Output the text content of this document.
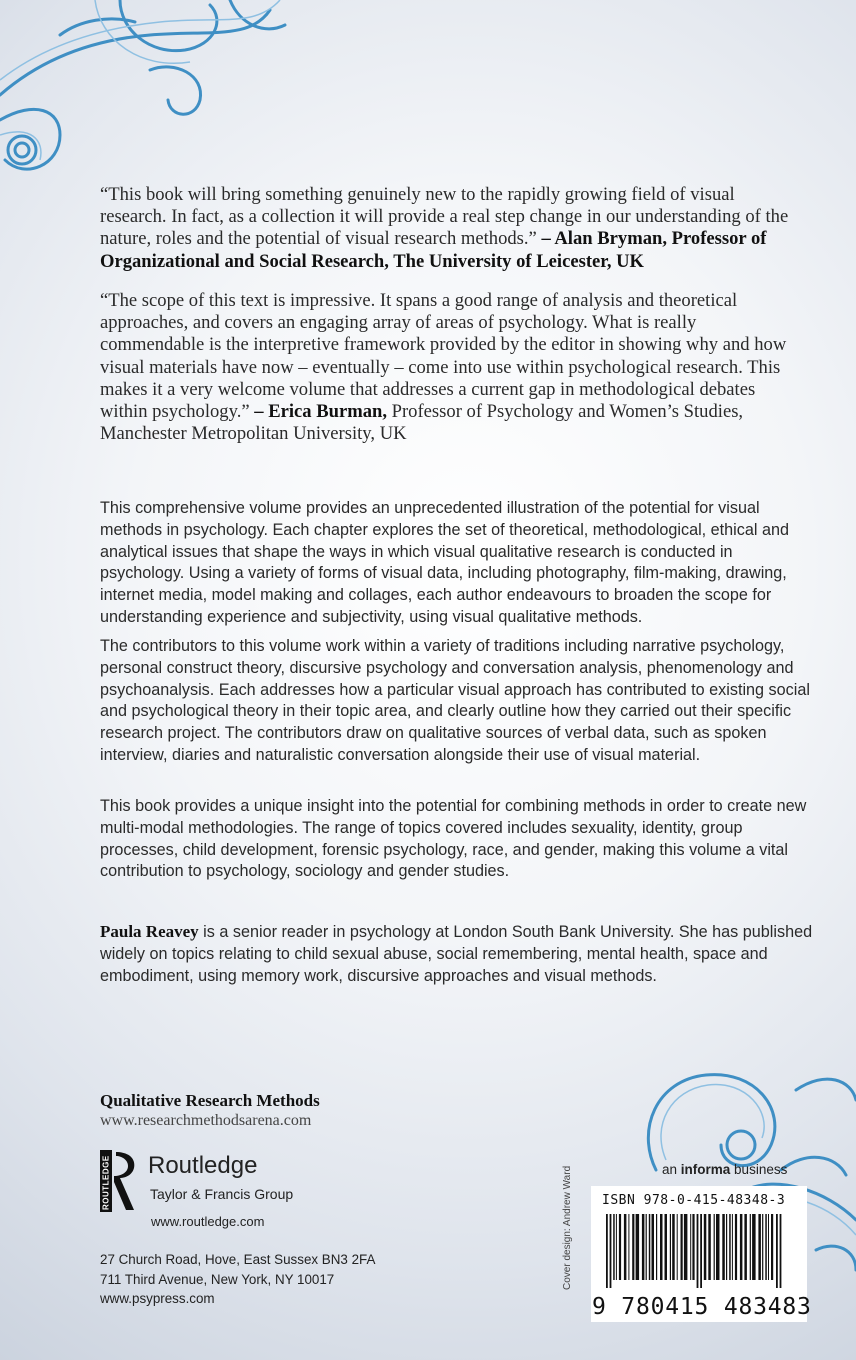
“This book will bring something genuinely new to the rapidly growing field of visual research. In fact, as a collection it will provide a real step change in our understanding of the nature, roles and the potential of visual research methods.” – Alan Bryman, Professor of Organizational and Social Research, The University of Leicester, UK
“The scope of this text is impressive. It spans a good range of analysis and theoretical approaches, and covers an engaging array of areas of psychology. What is really commendable is the interpretive framework provided by the editor in showing why and how visual materials have now – eventually – come into use within psychological research. This makes it a very welcome volume that addresses a current gap in methodological debates within psychology.” – Erica Burman, Professor of Psychology and Women’s Studies, Manchester Metropolitan University, UK
This comprehensive volume provides an unprecedented illustration of the potential for visual methods in psychology. Each chapter explores the set of theoretical, methodological, ethical and analytical issues that shape the ways in which visual qualitative research is conducted in psychology. Using a variety of forms of visual data, including photography, film-making, drawing, internet media, model making and collages, each author endeavours to broaden the scope for understanding experience and subjectivity, using visual qualitative methods.
The contributors to this volume work within a variety of traditions including narrative psychology, personal construct theory, discursive psychology and conversation analysis, phenomenology and psychoanalysis. Each addresses how a particular visual approach has contributed to existing social and psychological theory in their topic area, and clearly outline how they carried out their specific research project. The contributors draw on qualitative sources of verbal data, such as spoken interview, diaries and naturalistic conversation alongside their use of visual material.
This book provides a unique insight into the potential for combining methods in order to create new multi-modal methodologies. The range of topics covered includes sexuality, identity, group processes, child development, forensic psychology, race, and gender, making this volume a vital contribution to psychology, sociology and gender studies.
Paula Reavey is a senior reader in psychology at London South Bank University. She has published widely on topics relating to child sexual abuse, social remembering, mental health, space and embodiment, using memory work, discursive approaches and visual methods.
Qualitative Research Methods
www.researchmethodsarena.com
ROUTLEDGE Routledge
Taylor & Francis Group
www.routledge.com
27 Church Road, Hove, East Sussex BN3 2FA
711 Third Avenue, New York, NY 10017
www.psypress.com
an informa business
Cover design: Andrew Ward ISBN 978-0-415-48348-3
9 780415 483483
